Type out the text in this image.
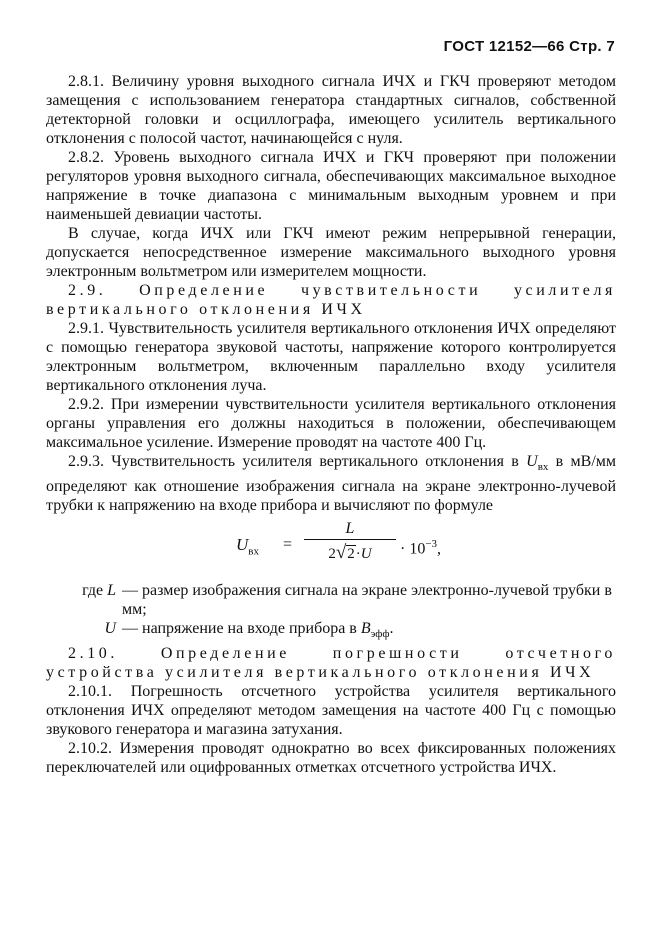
ГОСТ 12152—66 Стр. 7

2.8.1. Величину уровня выходного сигнала ИЧХ и ГКЧ проверяют методом замещения с использованием генератора стандартных сигналов, собственной детекторной головки и осциллографа, имеющего усилитель вертикального отклонения с полосой частот, начинающейся с нуля.

2.8.2. Уровень выходного сигнала ИЧХ и ГКЧ проверяют при положении регуляторов уровня выходного сигнала, обеспечивающих максимальное выходное напряжение в точке диапазона с минимальным выходным уровнем и при наименьшей девиации частоты.

В случае, когда ИЧХ или ГКЧ имеют режим непрерывной генерации, допускается непосредственное измерение максимального выходного уровня электронным вольтметром или измерителем мощности.

2.9. Определение чувствительности усилителя вертикального отклонения ИЧХ

2.9.1. Чувствительность усилителя вертикального отклонения ИЧХ определяют с помощью генератора звуковой частоты, напряжение которого контролируется электронным вольтметром, включенным параллельно входу усилителя вертикального отклонения луча.

2.9.2. При измерении чувствительности усилителя вертикального отклонения органы управления его должны находиться в положении, обеспечивающем максимальное усиление. Измерение проводят на частоте 400 Гц.

2.9.3. Чувствительность усилителя вертикального отклонения в $U_{вх}$ в мВ/мм определяют как отношение изображения сигнала на экране электронно-лучевой трубки к напряжению на входе прибора и вычисляют по формуле

$U_{вх}$ =
L
2√2·U	· $10^{-3}$,
где L — размер изображения сигнала на экране электронно-лучевой трубки в мм;
U — напряжение на входе прибора в $В_{эфф}$.

2.10. Определение погрешности отсчетного устройства усилителя вертикального отклонения ИЧХ

2.10.1. Погрешность отсчетного устройства усилителя вертикального отклонения ИЧХ определяют методом замещения на частоте 400 Гц с помощью звукового генератора и магазина затухания.

2.10.2. Измерения проводят однократно во всех фиксированных положениях переключателей или оцифрованных отметках отсчетного устройства ИЧХ.
